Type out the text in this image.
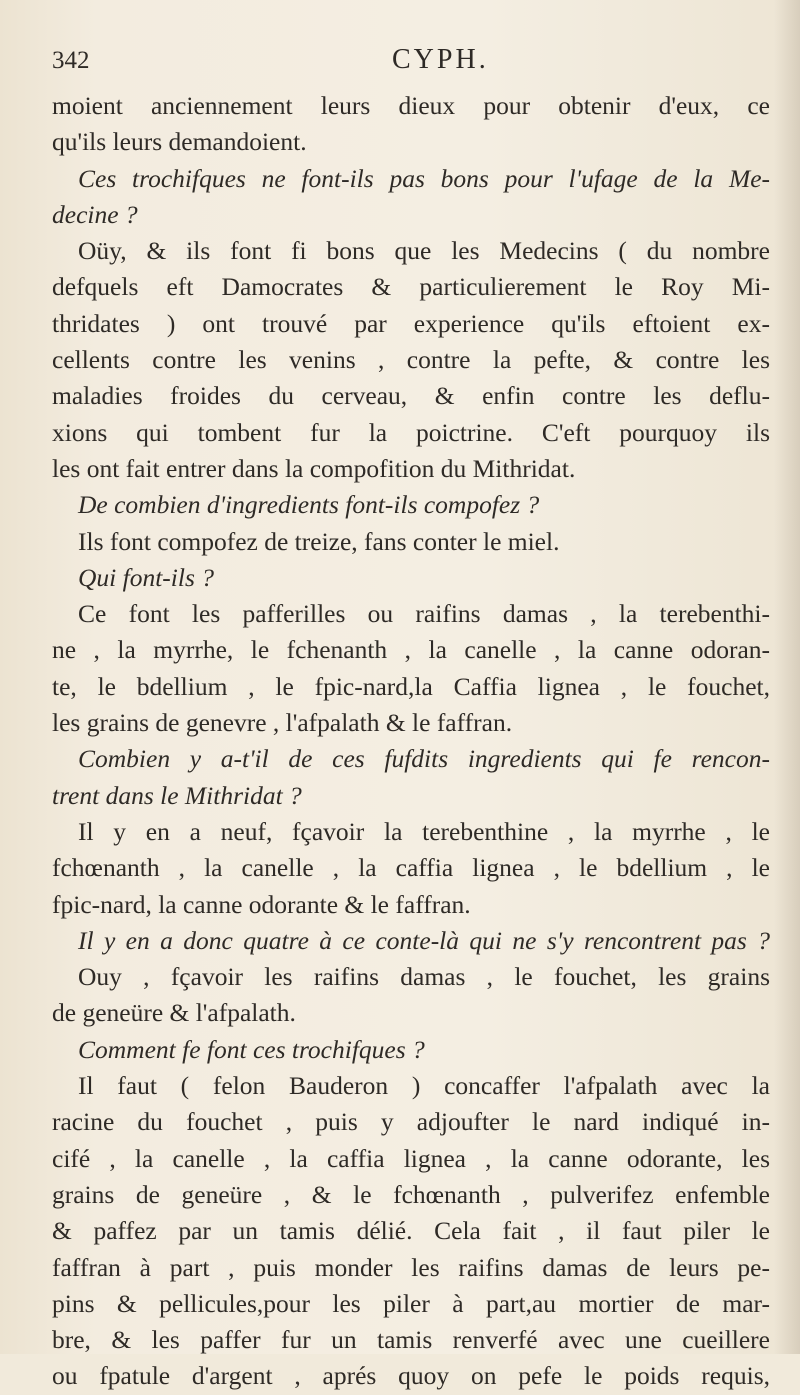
342	CYPH.
moient anciennement leurs dieux pour obtenir d'eux, ce
qu'ils leurs demandoient.
Ces trochifques ne font-ils pas bons pour l'ufage de la Me-
decine ?
Oüy, & ils font fi bons que les Medecins ( du nombre
defquels eft Damocrates & particulierement le Roy Mi-
thridates ) ont trouvé par experience qu'ils eftoient ex-
cellents contre les venins , contre la pefte, & contre les
maladies froides du cerveau, & enfin contre les deflu-
xions qui tombent fur la poictrine. C'eft pourquoy ils
les ont fait entrer dans la compofition du Mithridat.
De combien d'ingredients font-ils compofez ?
Ils font compofez de treize, fans conter le miel.
Qui font-ils ?
Ce font les pafferilles ou raifins damas , la terebenthi-
ne , la myrrhe, le fchenanth , la canelle , la canne odoran-
te, le bdellium , le fpic-nard,la Caffia lignea , le fouchet,
les grains de genevre , l'afpalath & le faffran.
Combien y a-t'il de ces fufdits ingredients qui fe rencon-
trent dans le Mithridat ?
Il y en a neuf, fçavoir la terebenthine , la myrrhe , le
fchœnanth , la canelle , la caffia lignea , le bdellium , le
fpic-nard, la canne odorante & le faffran.
Il y en a donc quatre à ce conte-là qui ne s'y rencontrent pas ?
Ouy , fçavoir les raifins damas , le fouchet, les grains
de geneüre & l'afpalath.
Comment fe font ces trochifques ?
Il faut ( felon Bauderon ) concaffer l'afpalath avec la
racine du fouchet , puis y adjoufter le nard indiqué in-
cifé , la canelle , la caffia lignea , la canne odorante, les
grains de geneüre , & le fchœnanth , pulverifez enfemble
& paffez par un tamis délié. Cela fait , il faut piler le
faffran à part , puis monder les raifins damas de leurs pe-
pins & pellicules,pour les piler à part,au mortier de mar-
bre, & les paffer fur un tamis renverfé avec une cueillere
ou fpatule d'argent , aprés quoy on pefe le poids requis,
